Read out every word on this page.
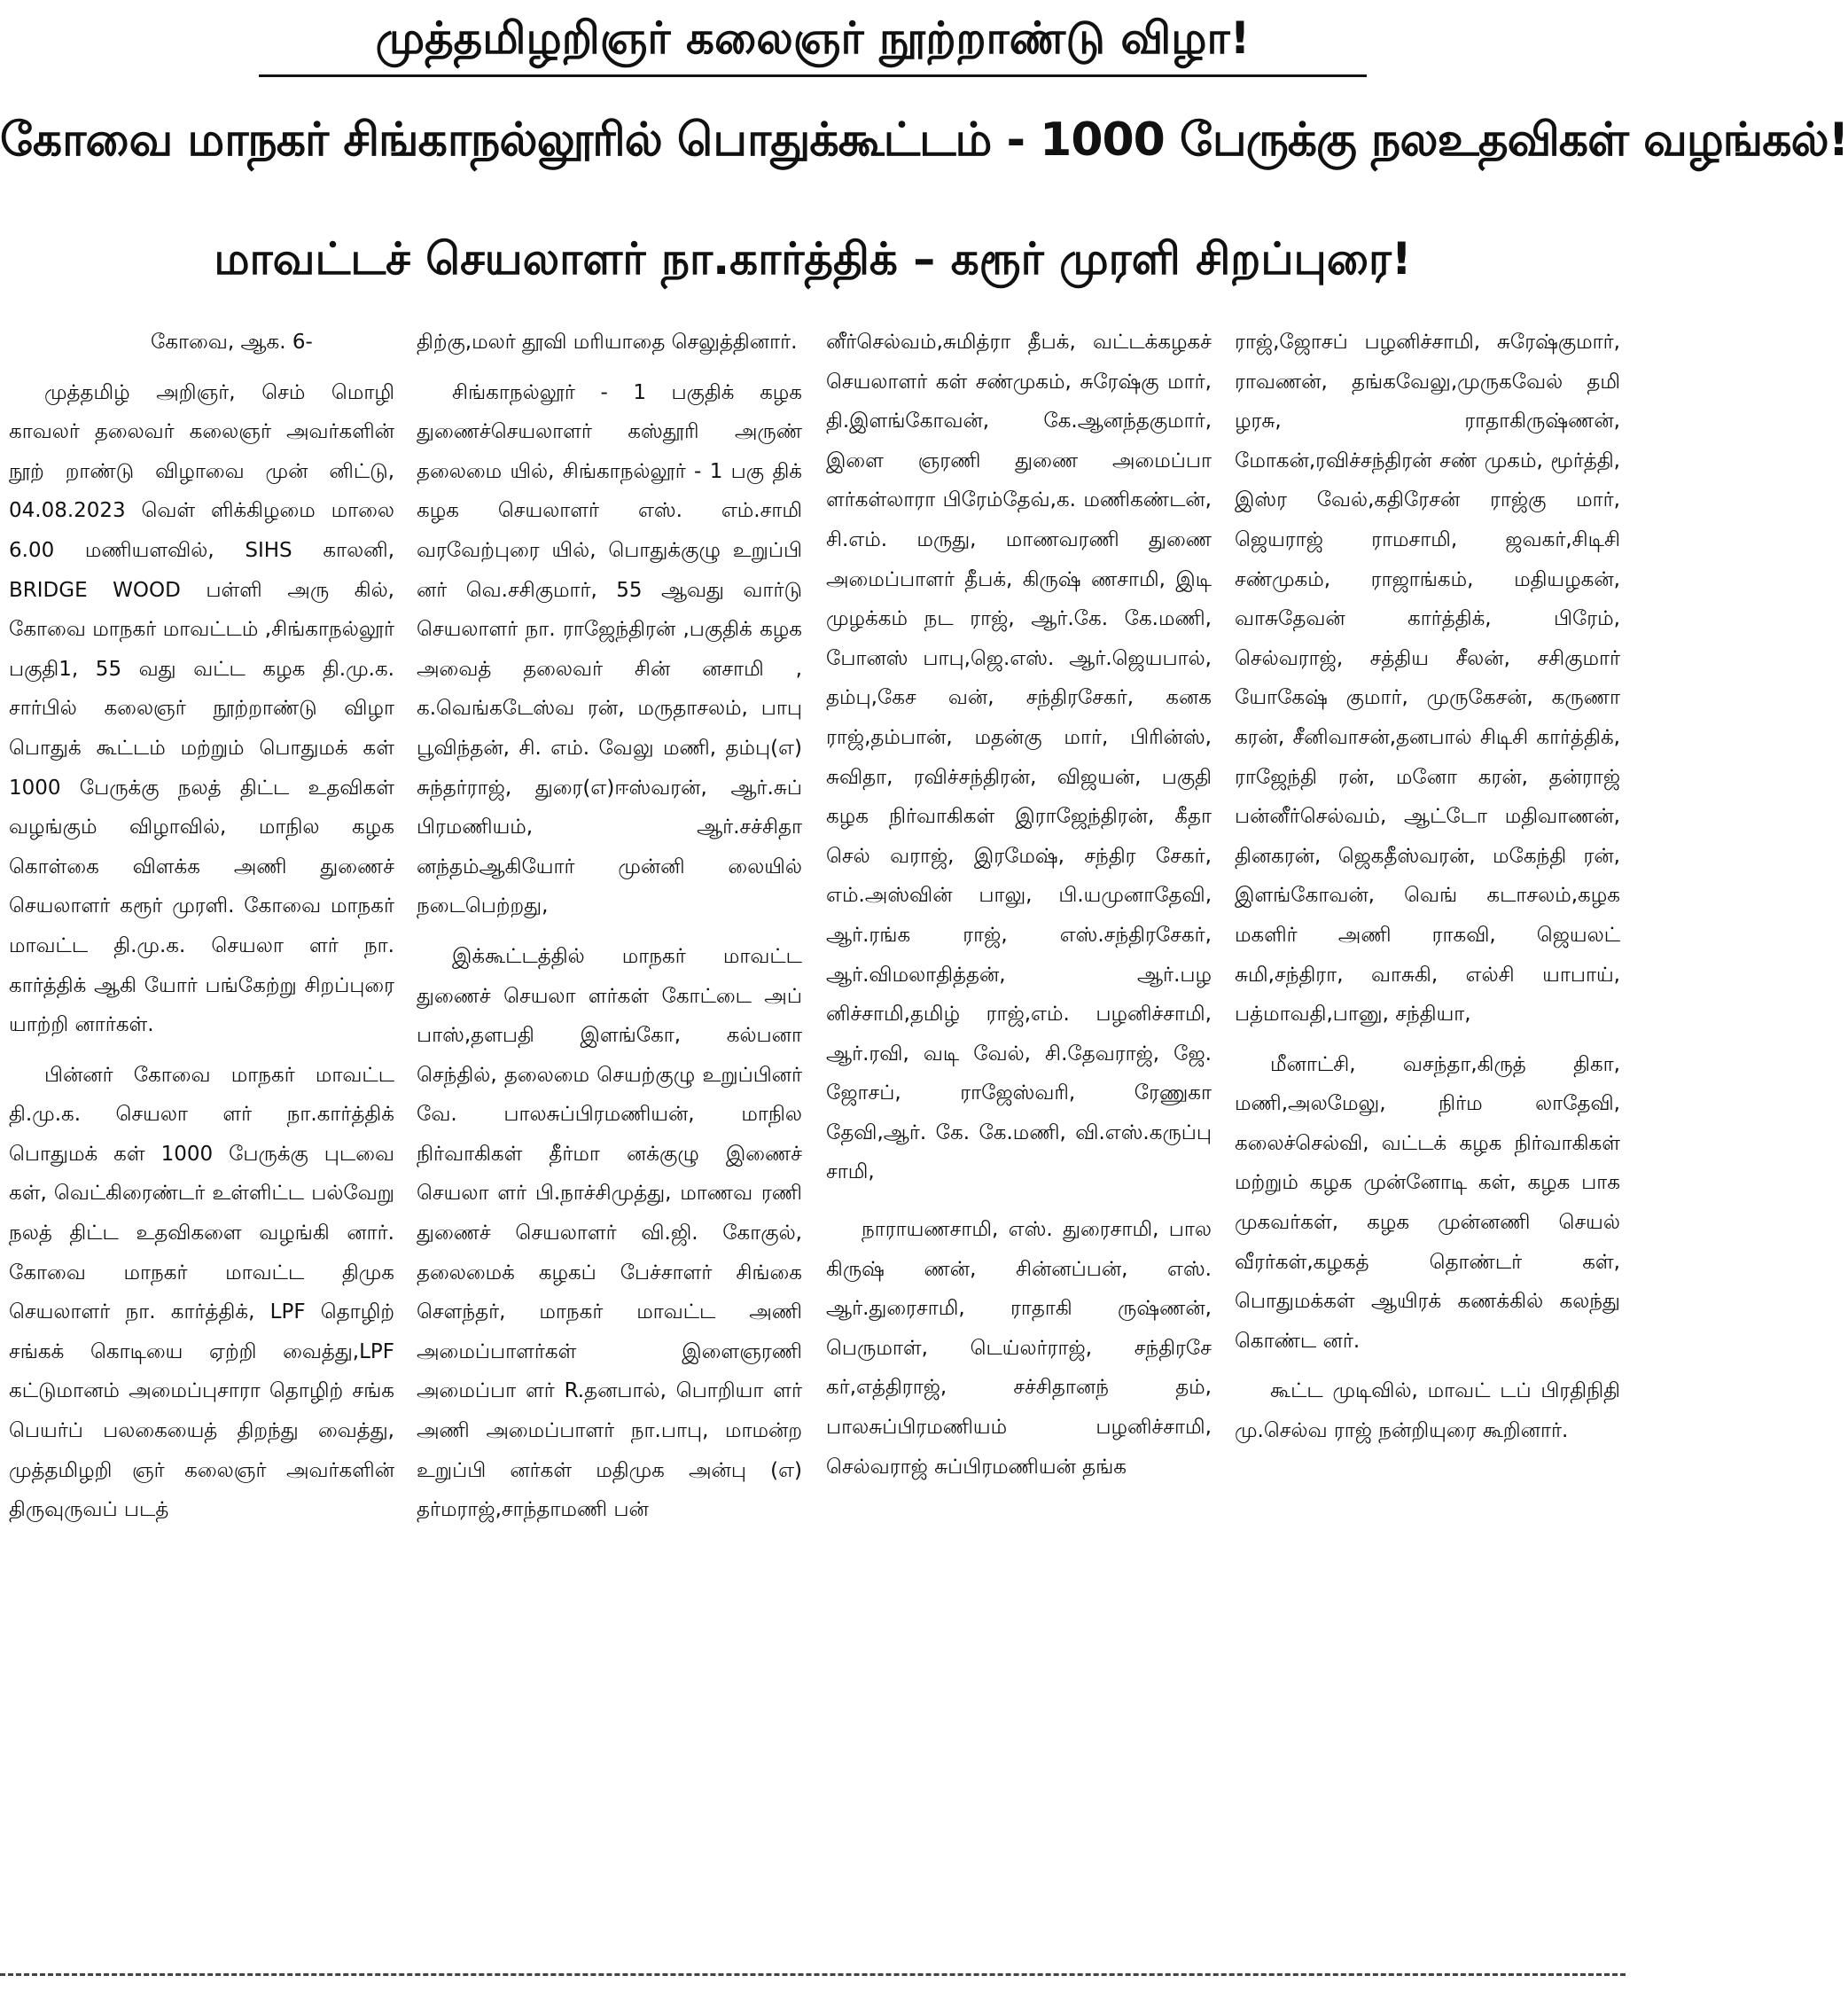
முத்தமிழறிஞர் கலைஞர் நூற்றாண்டு விழா!
கோவை மாநகர் சிங்காநல்லூரில் பொதுக்கூட்டம் - 1000 பேருக்கு நலஉதவிகள் வழங்கல்!
மாவட்டச் செயலாளர் நா.கார்த்திக் – கரூர் முரளி சிறப்புரை!

கோவை, ஆக. 6-

முத்தமிழ் அறிஞர், செம் மொழி காவலர் தலைவர் கலைஞர் அவர்களின் நூற் றாண்டு விழாவை முன் னிட்டு, 04.08.2023 வெள் ளிக்கிழமை மாலை 6.00 மணியளவில், SIHS காலனி, BRIDGE WOOD பள்ளி அரு கில், கோவை மாநகர் மாவட்டம் ,சிங்காநல்லூர் பகுதி1, 55 வது வட்ட கழக தி.மு.க. சார்பில் கலைஞர் நூற்றாண்டு விழா பொதுக் கூட்டம் மற்றும் பொதுமக் கள் 1000 பேருக்கு நலத் திட்ட உதவிகள் வழங்கும் விழாவில், மாநில கழக கொள்கை விளக்க அணி துணைச் செயலாளர் கரூர் முரளி. கோவை மாநகர் மாவட்ட தி.மு.க. செயலா ளர் நா. கார்த்திக் ஆகி யோர் பங்கேற்று சிறப்புரை யாற்றி னார்கள்.

பின்னர் கோவை மாநகர் மாவட்ட தி.மு.க. செயலா ளர் நா.கார்த்திக் பொதுமக் கள் 1000 பேருக்கு புடவை கள், வெட்கிரைண்டர் உள்ளிட்ட பல்வேறு நலத் திட்ட உதவிகளை வழங்கி னார். கோவை மாநகர் மாவட்ட திமுக செயலாளர் நா. கார்த்திக், LPF தொழிற் சங்கக் கொடியை ஏற்றி வைத்து,LPF கட்டுமானம் அமைப்புசாரா தொழிற் சங்க பெயர்ப் பலகையைத் திறந்து வைத்து, முத்தமிழறி ஞர் கலைஞர் அவர்களின் திருவுருவப் படத்

திற்கு,மலர் தூவி மரியாதை செலுத்தினார்.

சிங்காநல்லூர் - 1 பகுதிக் கழக துணைச்செயலாளர் கஸ்தூரி அருண் தலைமை யில், சிங்காநல்லூர் - 1 பகு திக் கழக செயலாளர் எஸ். எம்.சாமி வரவேற்புரை யில், பொதுக்குழு உறுப்பி னர் வெ.சசிகுமார், 55 ஆவது வார்டு செயலாளர் நா. ராஜேந்திரன் ,பகுதிக் கழக அவைத் தலைவர் சின் னசாமி , க.வெங்கடேஸ்வ ரன், மருதாசலம், பாபு பூவிந்தன், சி. எம். வேலு மணி, தம்பு(எ) சுந்தர்ராஜ், துரை(எ)ஈஸ்வரன், ஆர்.சுப் பிரமணியம், ஆர்.சச்சிதா னந்தம்ஆகியோர் முன்னி லையில் நடைபெற்றது,

இக்கூட்டத்தில் மாநகர் மாவட்ட துணைச் செயலா ளர்கள் கோட்டை அப் பாஸ்,தளபதி இளங்கோ, கல்பனா செந்தில், தலைமை செயற்குழு உறுப்பினர் வே. பாலசுப்பிரமணியன், மாநில நிர்வாகிகள் தீர்மா னக்குழு இணைச் செயலா ளர் பி.நாச்சிமுத்து, மாணவ ரணி துணைச் செயலாளர் வி.ஜி. கோகுல், தலைமைக் கழகப் பேச்சாளர் சிங்கை சௌந்தர், மாநகர் மாவட்ட அணி அமைப்பாளர்கள் இளைஞரணி அமைப்பா ளர் R.தனபால், பொறியா ளர் அணி அமைப்பாளர் நா.பாபு, மாமன்ற உறுப்பி னர்கள் மதிமுக அன்பு (எ) தர்மராஜ்,சாந்தாமணி பன்

னீர்செல்வம்,சுமித்ரா தீபக், வட்டக்கழகச் செயலாளர் கள் சண்முகம், சுரேஷ்கு மார், தி.இளங்கோவன், கே.ஆனந்தகுமார், இளை ஞரணி துணை அமைப்பா ளர்கள்லாரா பிரேம்தேவ்,க. மணிகண்டன், சி.எம். மருது, மாணவரணி துணை அமைப்பாளர் தீபக், கிருஷ் ணசாமி, இடி முழக்கம் நட ராஜ், ஆர்.கே. கே.மணி, போனஸ் பாபு,ஜெ.எஸ். ஆர்.ஜெயபால், தம்பு,கேச வன், சந்திரசேகர், கனக ராஜ்,தம்பான், மதன்கு மார், பிரின்ஸ், சுவிதா, ரவிச்சந்திரன், விஜயன், பகுதி கழக நிர்வாகிகள் இராஜேந்திரன், கீதா செல் வராஜ், இரமேஷ், சந்திர சேகர், எம்.அஸ்வின் பாலு, பி.யமுனாதேவி, ஆர்.ரங்க ராஜ், எஸ்.சந்திரசேகர், ஆர்.விமலாதித்தன், ஆர்.பழ னிச்சாமி,தமிழ் ராஜ்,எம். பழனிச்சாமி, ஆர்.ரவி, வடி வேல், சி.தேவராஜ், ஜே. ஜோசப், ராஜேஸ்வரி, ரேணுகா தேவி,ஆர். கே. கே.மணி, வி.எஸ்.கருப்பு சாமி,

நாராயணசாமி, எஸ். துரைசாமி, பால கிருஷ் ணன், சின்னப்பன், எஸ். ஆர்.துரைசாமி, ராதாகி ருஷ்ணன், பெருமாள், டெய்லர்ராஜ், சந்திரசே கர்,எத்திராஜ், சச்சிதானந் தம், பாலசுப்பிரமணியம் பழனிச்சாமி, செல்வராஜ் சுப்பிரமணியன் தங்க

ராஜ்,ஜோசப் பழனிச்சாமி, சுரேஷ்குமார், ராவணன், தங்கவேலு,முருகவேல் தமி ழரசு, ராதாகிருஷ்ணன், மோகன்,ரவிச்சந்திரன் சண் முகம், மூர்த்தி, இஸ்ர வேல்,கதிரேசன் ராஜ்கு மார், ஜெயராஜ் ராமசாமி, ஜவகர்,சிடிசி சண்முகம், ராஜாங்கம், மதியழகன், வாசுதேவன் கார்த்திக், பிரேம், செல்வராஜ், சத்திய சீலன், சசிகுமார் யோகேஷ் குமார், முருகேசன், கருணா கரன், சீனிவாசன்,தனபால் சிடிசி கார்த்திக், ராஜேந்தி ரன், மனோ கரன், தன்ராஜ் பன்னீர்செல்வம், ஆட்டோ மதிவாணன், தினகரன், ஜெகதீஸ்வரன், மகேந்தி ரன், இளங்கோவன், வெங் கடாசலம்,கழக மகளிர் அணி ராகவி, ஜெயலட் சுமி,சந்திரா, வாசுகி, எல்சி யாபாய், பத்மாவதி,பானு, சந்தியா,

மீனாட்சி, வசந்தா,கிருத் திகா, மணி,அலமேலு, நிர்ம லாதேவி, கலைச்செல்வி, வட்டக் கழக நிர்வாகிகள் மற்றும் கழக முன்னோடி கள், கழக பாக முகவர்கள், கழக முன்னணி செயல் வீரர்கள்,கழகத் தொண்டர் கள், பொதுமக்கள் ஆயிரக் கணக்கில் கலந்து கொண்ட னர்.

கூட்ட முடிவில், மாவட் டப் பிரதிநிதி மு.செல்வ ராஜ் நன்றியுரை கூறினார்.
